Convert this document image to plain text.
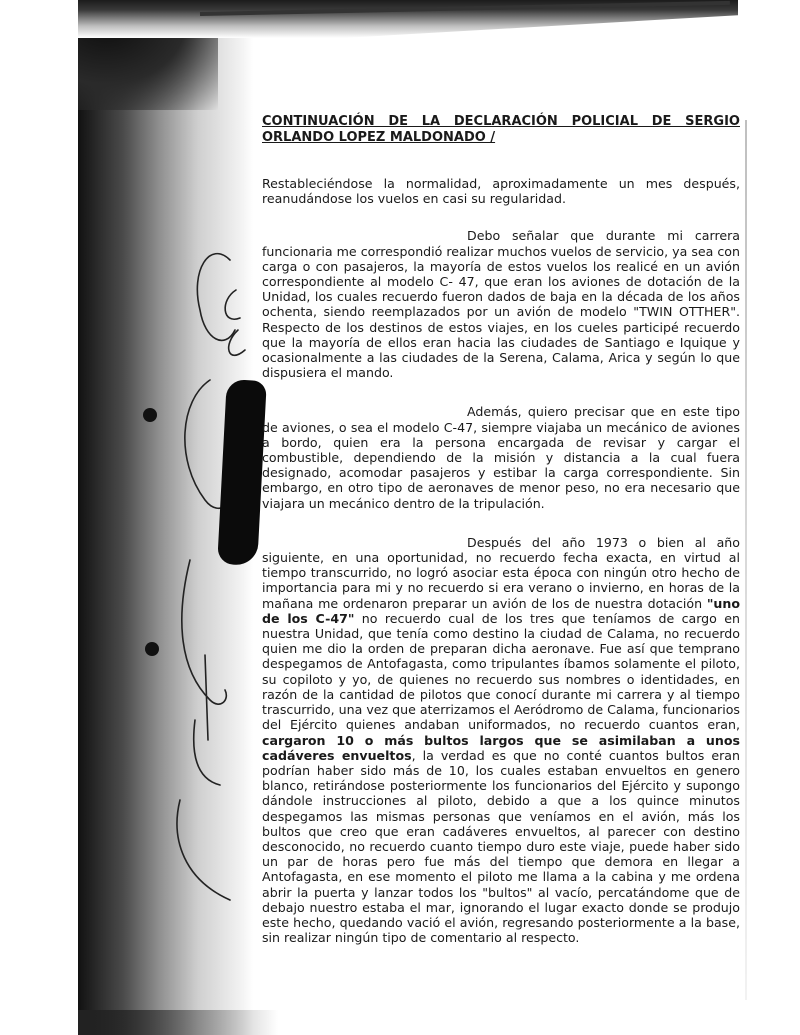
CONTINUACIÓN DE LA DECLARACIÓN POLICIAL DE SERGIO ORLANDO LOPEZ MALDONADO /

Restableciéndose la normalidad, aproximadamente un mes después, reanudándose los vuelos en casi su regularidad.

Debo señalar que durante mi carrera funcionaria me correspondió realizar muchos vuelos de servicio, ya sea con carga o con pasajeros, la mayoría de estos vuelos los realicé en un avión correspondiente al modelo C- 47, que eran los aviones de dotación de la Unidad, los cuales recuerdo fueron dados de baja en la década de los años ochenta, siendo reemplazados por un avión de modelo "TWIN OTTHER". Respecto de los destinos de estos viajes, en los cueles participé recuerdo que la mayoría de ellos eran hacia las ciudades de Santiago e Iquique y ocasionalmente a las ciudades de la Serena, Calama, Arica y según lo que dispusiera el mando.

Además, quiero precisar que en este tipo de aviones, o sea el modelo C-47, siempre viajaba un mecánico de aviones a bordo, quien era la persona encargada de revisar y cargar el combustible, dependiendo de la misión y distancia a la cual fuera designado, acomodar pasajeros y estibar la carga correspondiente. Sin embargo, en otro tipo de aeronaves de menor peso, no era necesario que viajara un mecánico dentro de la tripulación.

Después del año 1973 o bien al año siguiente, en una oportunidad, no recuerdo fecha exacta, en virtud al tiempo transcurrido, no logró asociar esta época con ningún otro hecho de importancia para mi y no recuerdo si era verano o invierno, en horas de la mañana me ordenaron preparar un avión de los de nuestra dotación "uno de los C-47" no recuerdo cual de los tres que teníamos de cargo en nuestra Unidad, que tenía como destino la ciudad de Calama, no recuerdo quien me dio la orden de preparan dicha aeronave. Fue así que temprano despegamos de Antofagasta, como tripulantes íbamos solamente el piloto, su copiloto y yo, de quienes no recuerdo sus nombres o identidades, en razón de la cantidad de pilotos que conocí durante mi carrera y al tiempo trascurrido, una vez que aterrizamos el Aeródromo de Calama, funcionarios del Ejército quienes andaban uniformados, no recuerdo cuantos eran, cargaron 10 o más bultos largos que se asimilaban a unos cadáveres envueltos, la verdad es que no conté cuantos bultos eran podrían haber sido más de 10, los cuales estaban envueltos en genero blanco, retirándose posteriormente los funcionarios del Ejército y supongo dándole instrucciones al piloto, debido a que a los quince minutos despegamos las mismas personas que veníamos en el avión, más los bultos que creo que eran cadáveres envueltos, al parecer con destino desconocido, no recuerdo cuanto tiempo duro este viaje, puede haber sido un par de horas pero fue más del tiempo que demora en llegar a Antofagasta, en ese momento el piloto me llama a la cabina y me ordena abrir la puerta y lanzar todos los "bultos" al vacío, percatándome que de debajo nuestro estaba el mar, ignorando el lugar exacto donde se produjo este hecho, quedando vació el avión, regresando posteriormente a la base, sin realizar ningún tipo de comentario al respecto.
